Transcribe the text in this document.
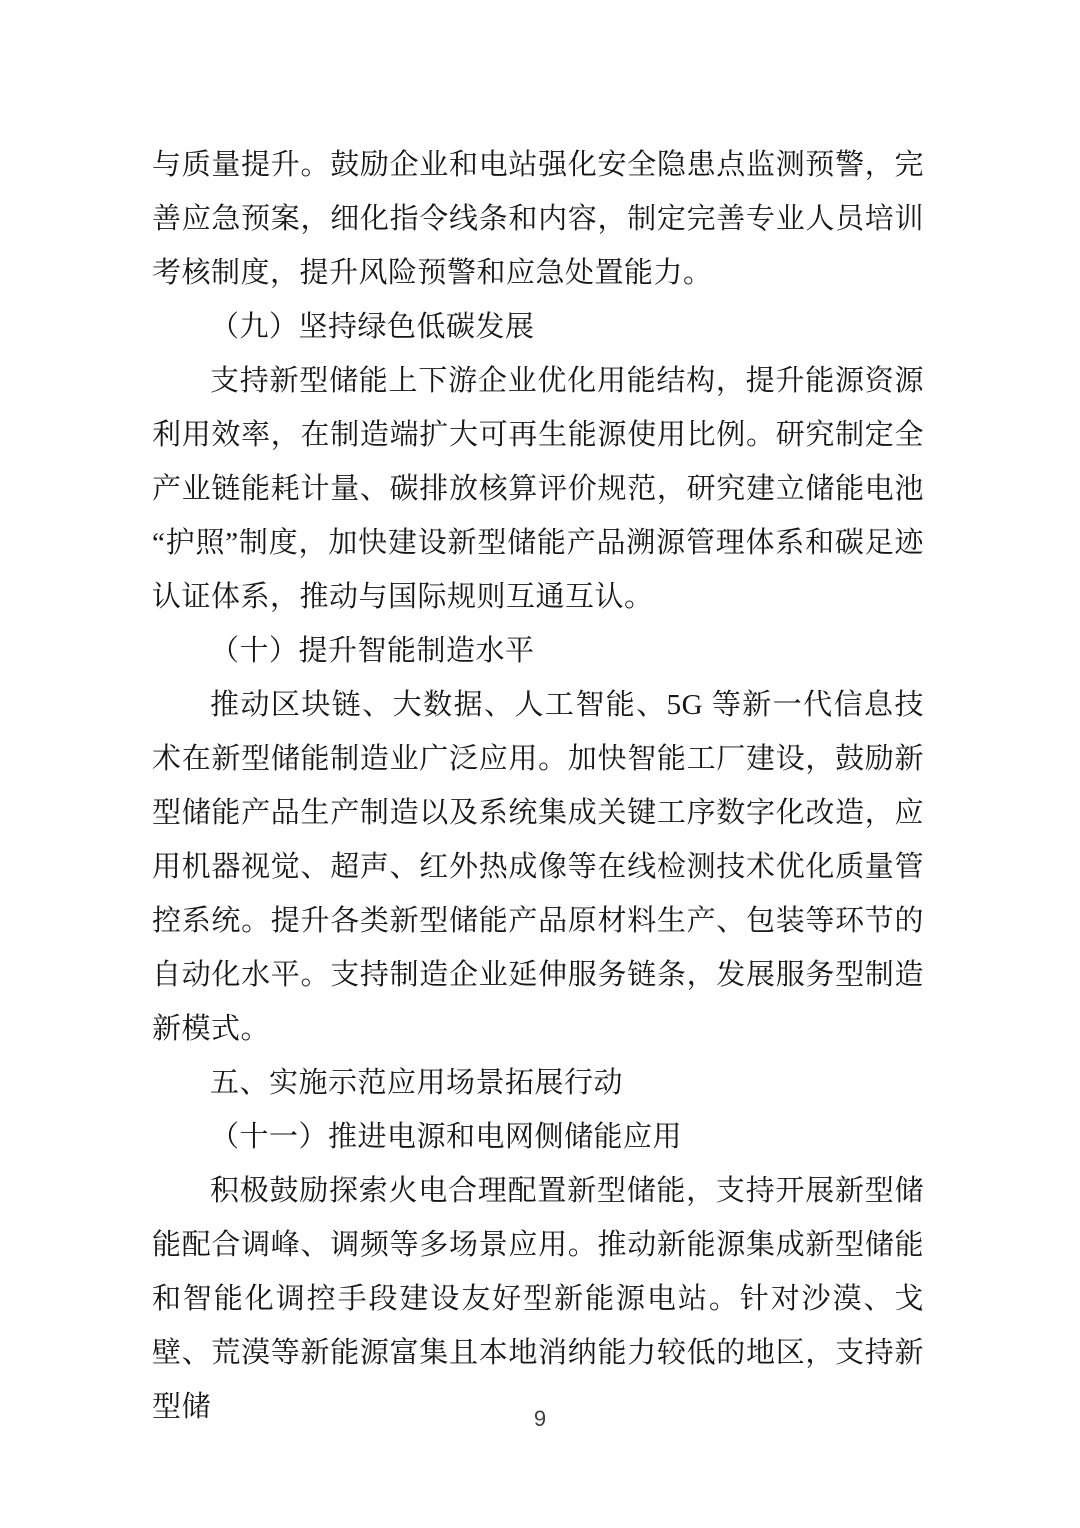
与质量提升。鼓励企业和电站强化安全隐患点监测预警，完善应急预案，细化指令线条和内容，制定完善专业人员培训考核制度，提升风险预警和应急处置能力。

（九）坚持绿色低碳发展

支持新型储能上下游企业优化用能结构，提升能源资源利用效率，在制造端扩大可再生能源使用比例。研究制定全产业链能耗计量、碳排放核算评价规范，研究建立储能电池“护照”制度，加快建设新型储能产品溯源管理体系和碳足迹认证体系，推动与国际规则互通互认。

（十）提升智能制造水平

推动区块链、大数据、人工智能、5G 等新一代信息技术在新型储能制造业广泛应用。加快智能工厂建设，鼓励新型储能产品生产制造以及系统集成关键工序数字化改造，应用机器视觉、超声、红外热成像等在线检测技术优化质量管控系统。提升各类新型储能产品原材料生产、包装等环节的自动化水平。支持制造企业延伸服务链条，发展服务型制造新模式。

五、实施示范应用场景拓展行动
（十一）推进电源和电网侧储能应用

积极鼓励探索火电合理配置新型储能，支持开展新型储能配合调峰、调频等多场景应用。推动新能源集成新型储能和智能化调控手段建设友好型新能源电站。针对沙漠、戈壁、荒漠等新能源富集且本地消纳能力较低的地区，支持新型储	9
